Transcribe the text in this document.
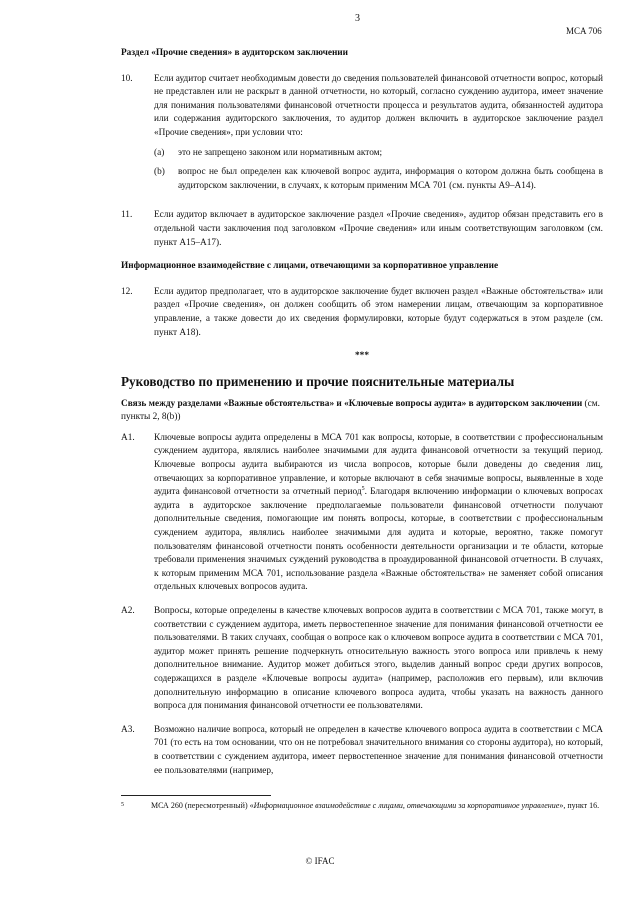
3
MCA 706
Раздел «Прочие сведения» в аудиторском заключении
10.	Если аудитор считает необходимым довести до сведения пользователей финансовой отчетности вопрос, который не представлен или не раскрыт в данной отчетности, но который, согласно суждению аудитора, имеет значение для понимания пользователями финансовой отчетности процесса и результатов аудита, обязанностей аудитора или содержания аудиторского заключения, то аудитор должен включить в аудиторское заключение раздел «Прочие сведения», при условии что:
(a)	это не запрещено законом или нормативным актом;
(b)	вопрос не был определен как ключевой вопрос аудита, информация о котором должна быть сообщена в аудиторском заключении, в случаях, к которым применим МСА 701 (см. пункты А9–А14).
11.	Если аудитор включает в аудиторское заключение раздел «Прочие сведения», аудитор обязан представить его в отдельной части заключения под заголовком «Прочие сведения» или иным соответствующим заголовком (см. пункт А15–А17).
Информационное взаимодействие с лицами, отвечающими за корпоративное управление
12.	Если аудитор предполагает, что в аудиторское заключение будет включен раздел «Важные обстоятельства» или раздел «Прочие сведения», он должен сообщить об этом намерении лицам, отвечающим за корпоративное управление, а также довести до их сведения формулировки, которые будут содержаться в этом разделе (см. пункт А18).
***
Руководство по применению и прочие пояснительные материалы
Связь между разделами «Важные обстоятельства» и «Ключевые вопросы аудита» в аудиторском заключении (см. пункты 2, 8(b))
А1.	Ключевые вопросы аудита определены в МСА 701 как вопросы, которые, в соответствии с профессиональным суждением аудитора, являлись наиболее значимыми для аудита финансовой отчетности за текущий период. Ключевые вопросы аудита выбираются из числа вопросов, которые были доведены до сведения лиц, отвечающих за корпоративное управление, и которые включают в себя значимые вопросы, выявленные в ходе аудита финансовой отчетности за отчетный период$^5$. Благодаря включению информации о ключевых вопросах аудита в аудиторское заключение предполагаемые пользователи финансовой отчетности получают дополнительные сведения, помогающие им понять вопросы, которые, в соответствии с профессиональным суждением аудитора, являлись наиболее значимыми для аудита и которые, вероятно, также помогут пользователям финансовой отчетности понять особенности деятельности организации и те области, которые требовали применения значимых суждений руководства в проаудированной финансовой отчетности. В случаях, к которым применим МСА 701, использование раздела «Важные обстоятельства» не заменяет собой описания отдельных ключевых вопросов аудита.
А2.	Вопросы, которые определены в качестве ключевых вопросов аудита в соответствии с МСА 701, также могут, в соответствии с суждением аудитора, иметь первостепенное значение для понимания финансовой отчетности ее пользователями. В таких случаях, сообщая о вопросе как о ключевом вопросе аудита в соответствии с МСА 701, аудитор может принять решение подчеркнуть относительную важность этого вопроса или привлечь к нему дополнительное внимание. Аудитор может добиться этого, выделив данный вопрос среди других вопросов, содержащихся в разделе «Ключевые вопросы аудита» (например, расположив его первым), или включив дополнительную информацию в описание ключевого вопроса аудита, чтобы указать на важность данного вопроса для понимания финансовой отчетности ее пользователями.
А3.	Возможно наличие вопроса, который не определен в качестве ключевого вопроса аудита в соответствии с МСА 701 (то есть на том основании, что он не потребовал значительного внимания со стороны аудитора), но который, в соответствии с суждением аудитора, имеет первостепенное значение для понимания финансовой отчетности ее пользователями (например,
5	МСА 260 (пересмотренный) «Информационное взаимодействие с лицами, отвечающими за корпоративное управление», пункт 16.
© IFAC
